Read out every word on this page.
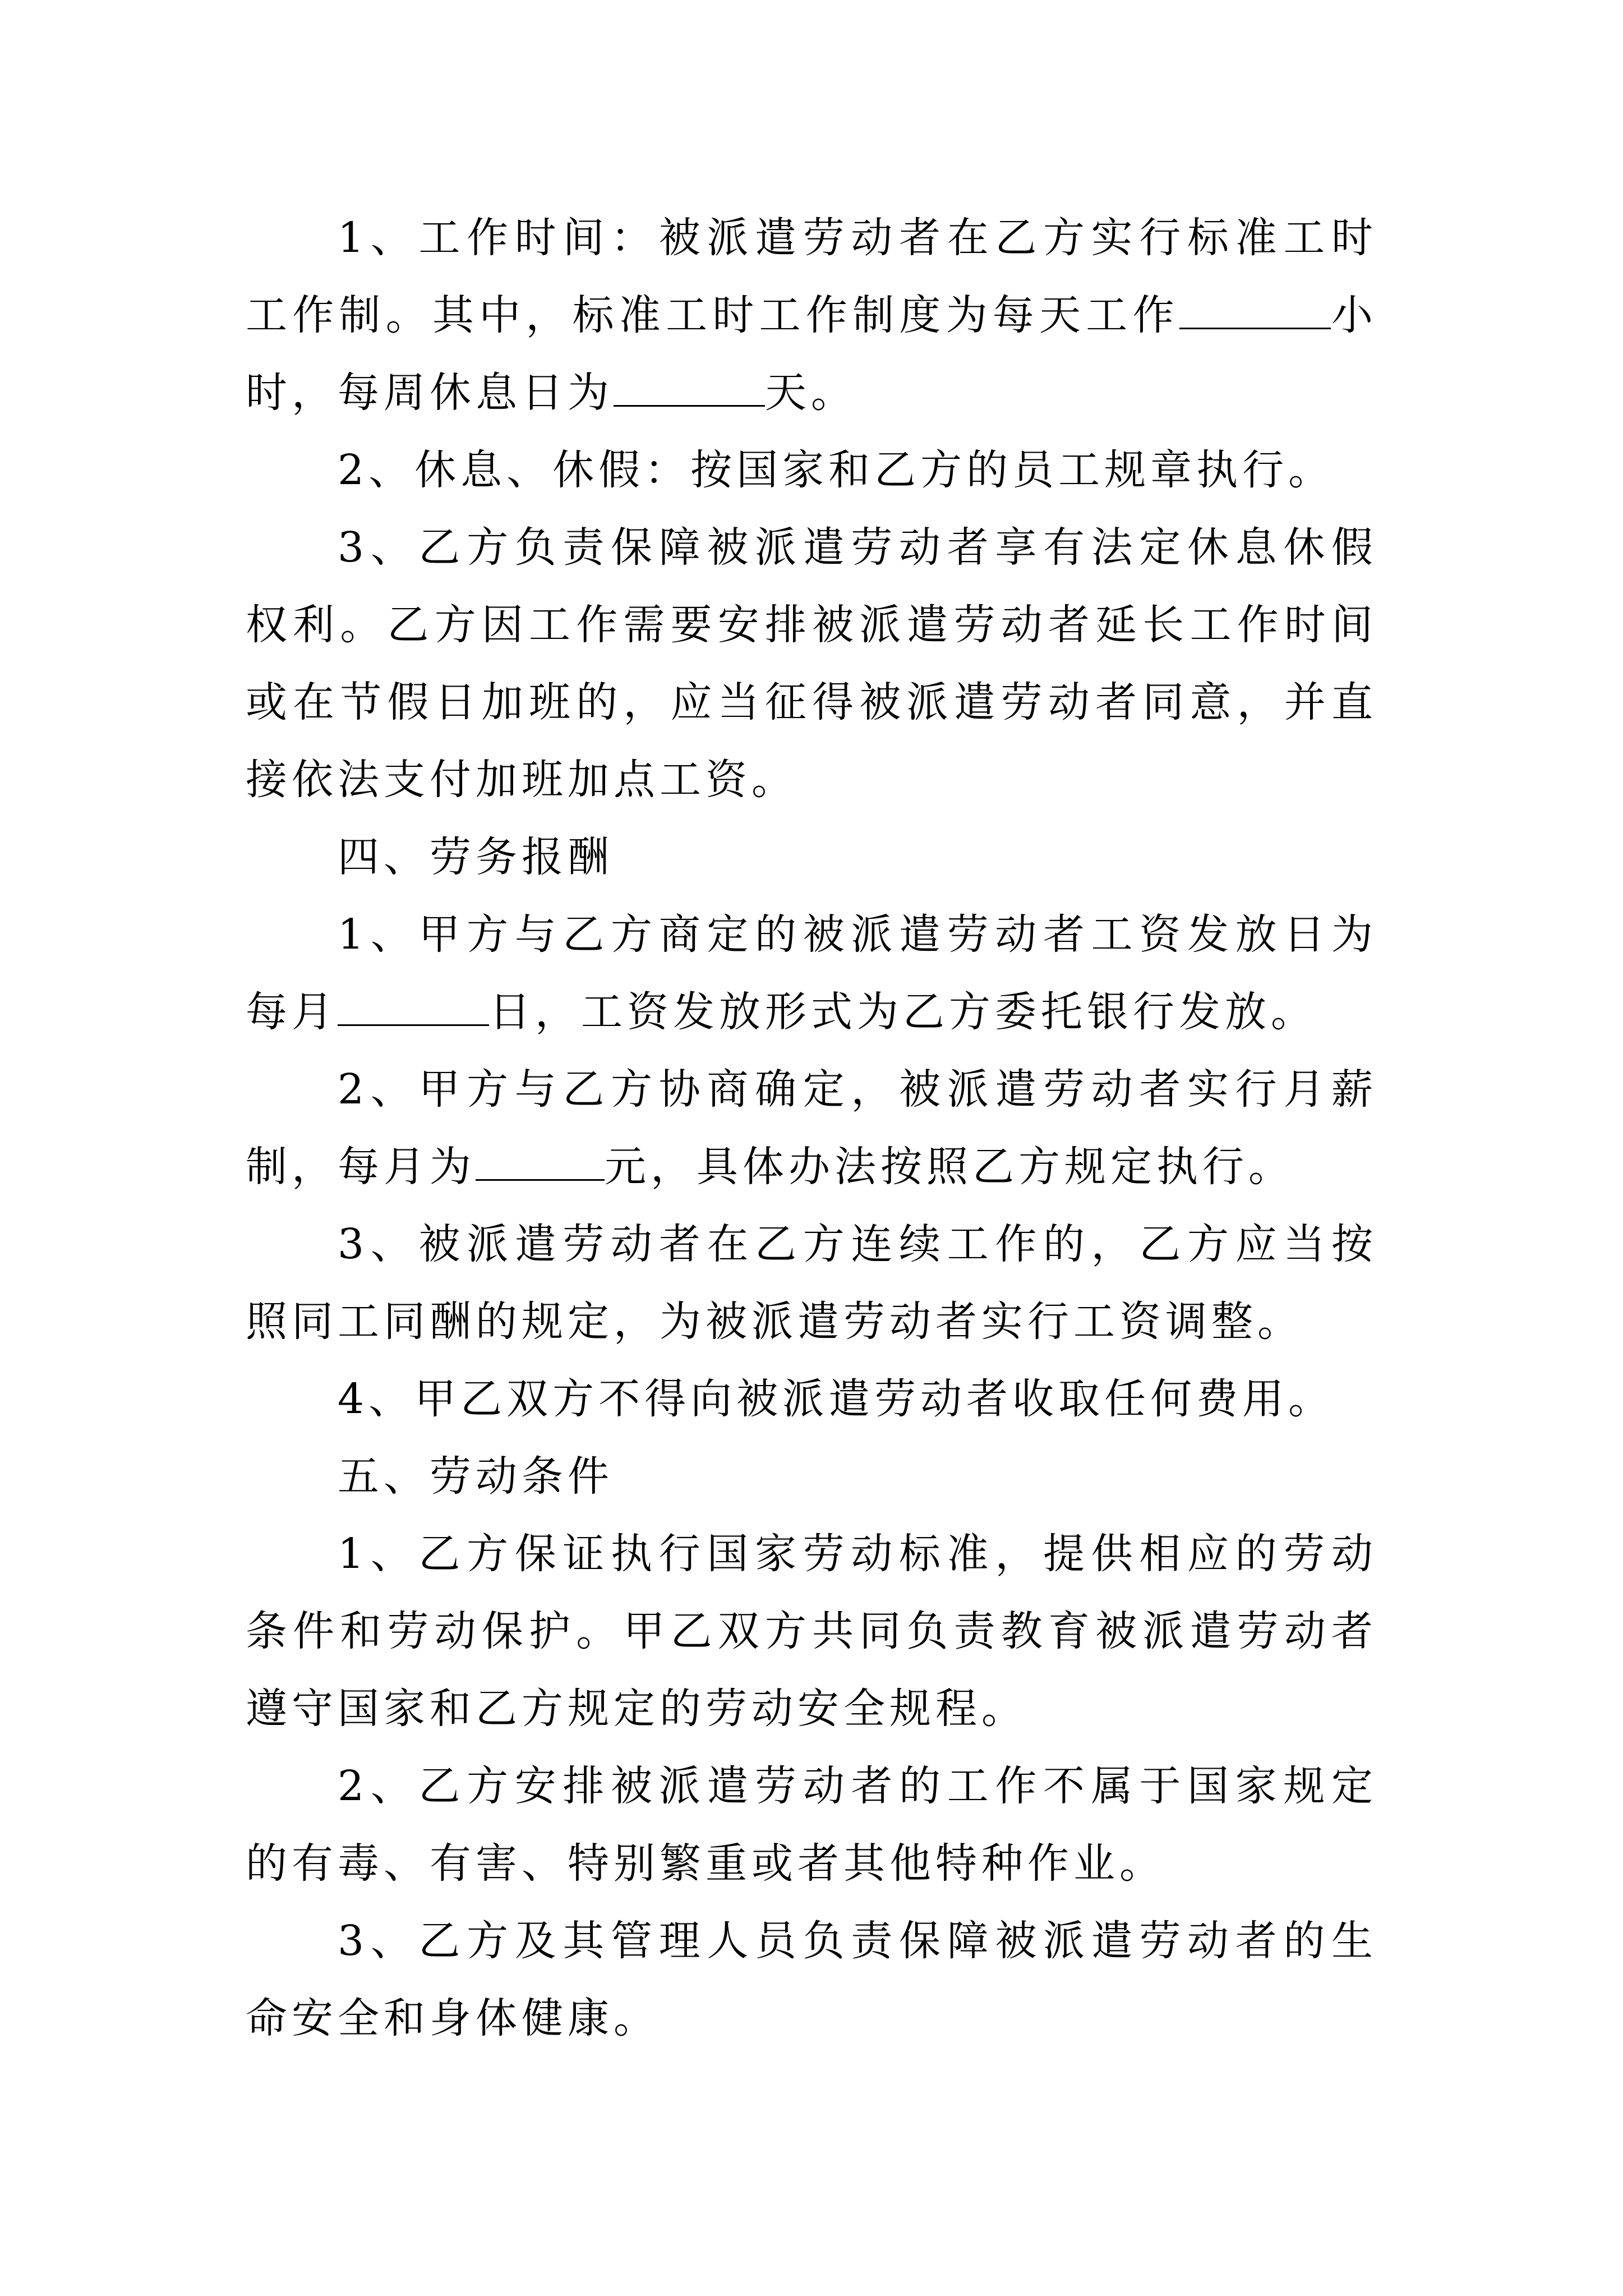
1、工作时间：被派遣劳动者在乙方实行标准工时工作制。其中，标准工时工作制度为每天工作	小时，每周休息日为	天。

2、休息、休假：按国家和乙方的员工规章执行。

3、乙方负责保障被派遣劳动者享有法定休息休假权利。乙方因工作需要安排被派遣劳动者延长工作时间或在节假日加班的，应当征得被派遣劳动者同意，并直接依法支付加班加点工资。

四、劳务报酬

1、甲方与乙方商定的被派遣劳动者工资发放日为每月	日，工资发放形式为乙方委托银行发放。

2、甲方与乙方协商确定，被派遣劳动者实行月薪制，每月为	元，具体办法按照乙方规定执行。

3、被派遣劳动者在乙方连续工作的，乙方应当按照同工同酬的规定，为被派遣劳动者实行工资调整。

4、甲乙双方不得向被派遣劳动者收取任何费用。

五、劳动条件

1、乙方保证执行国家劳动标准，提供相应的劳动条件和劳动保护。甲乙双方共同负责教育被派遣劳动者遵守国家和乙方规定的劳动安全规程。

2、乙方安排被派遣劳动者的工作不属于国家规定的有毒、有害、特别繁重或者其他特种作业。

3、乙方及其管理人员负责保障被派遣劳动者的生命安全和身体健康。
